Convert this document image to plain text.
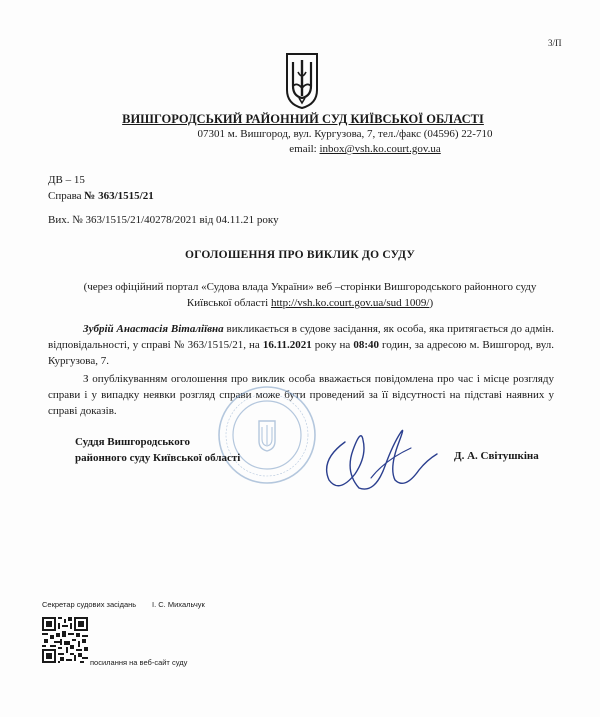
3/П
ВИШГОРОДСЬКИЙ РАЙОННИЙ СУД КИЇВСЬКОЇ ОБЛАСТІ
07301 м. Вишгород, вул. Кургузова, 7, тел./факс (04596) 22-710
email: inbox@vsh.ko.court.gov.ua
ДВ – 15
Справа № 363/1515/21
Вих. № 363/1515/21/40278/2021 від 04.11.21 року
ОГОЛОШЕННЯ ПРО ВИКЛИК ДО СУДУ
(через офіційний портал «Судова влада України» веб –сторінки Вишгородського районного суду Київської області http://vsh.ko.court.gov.ua/sud 1009/)
Зубрій Анастасія Віталіївна викликається в судове засідання, як особа, яка притягається до адмін. відповідальності, у справі № 363/1515/21, на 16.11.2021 року на 08:40 годин, за адресою м. Вишгород, вул. Кургузова, 7.
З опублікуванням оголошення про виклик особа вважається повідомлена про час і місце розгляду справи і у випадку неявки розгляд справи може бути проведений за її відсутності на підставі наявних у справі доказів.
Суддя Вишгородського
районного суду Київської області	Д. А. Світушкіна
Секретар судових засідань І. С. Михальчук
посилання на веб-сайт суду
